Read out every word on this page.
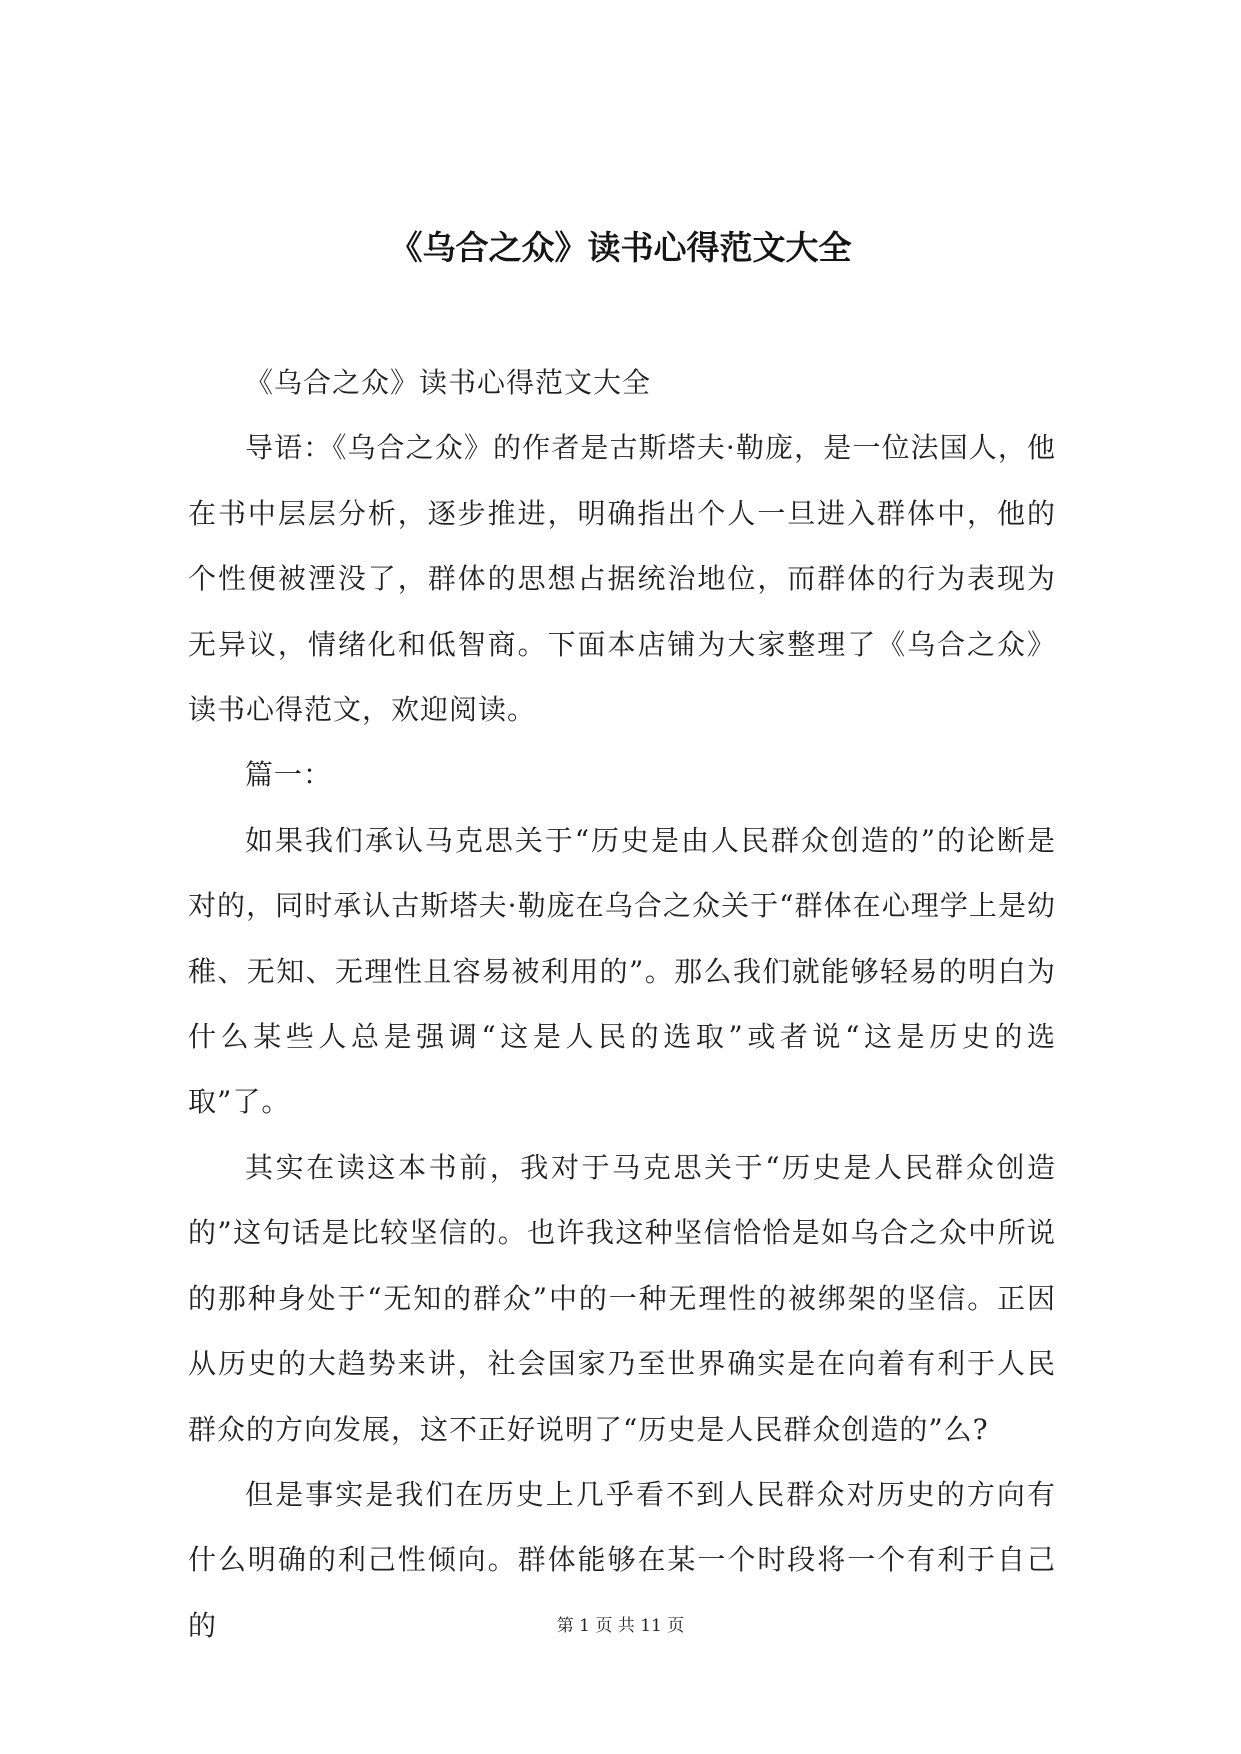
《乌合之众》读书心得范文大全

《乌合之众》读书心得范文大全

导语：《乌合之众》的作者是古斯塔夫·勒庞，是一位法国人，他在书中层层分析，逐步推进，明确指出个人一旦进入群体中，他的个性便被湮没了，群体的思想占据统治地位，而群体的行为表现为无异议，情绪化和低智商。下面本店铺为大家整理了《乌合之众》读书心得范文，欢迎阅读。

篇一：

如果我们承认马克思关于“历史是由人民群众创造的”的论断是对的，同时承认古斯塔夫·勒庞在乌合之众关于“群体在心理学上是幼稚、无知、无理性且容易被利用的”。那么我们就能够轻易的明白为什么某些人总是强调“这是人民的选取”或者说“这是历史的选取”了。

其实在读这本书前，我对于马克思关于“历史是人民群众创造的”这句话是比较坚信的。也许我这种坚信恰恰是如乌合之众中所说的那种身处于“无知的群众”中的一种无理性的被绑架的坚信。正因从历史的大趋势来讲，社会国家乃至世界确实是在向着有利于人民群众的方向发展，这不正好说明了“历史是人民群众创造的”么?

但是事实是我们在历史上几乎看不到人民群众对历史的方向有什么明确的利己性倾向。群体能够在某一个时段将一个有利于自己的	第 1 页 共 11 页
